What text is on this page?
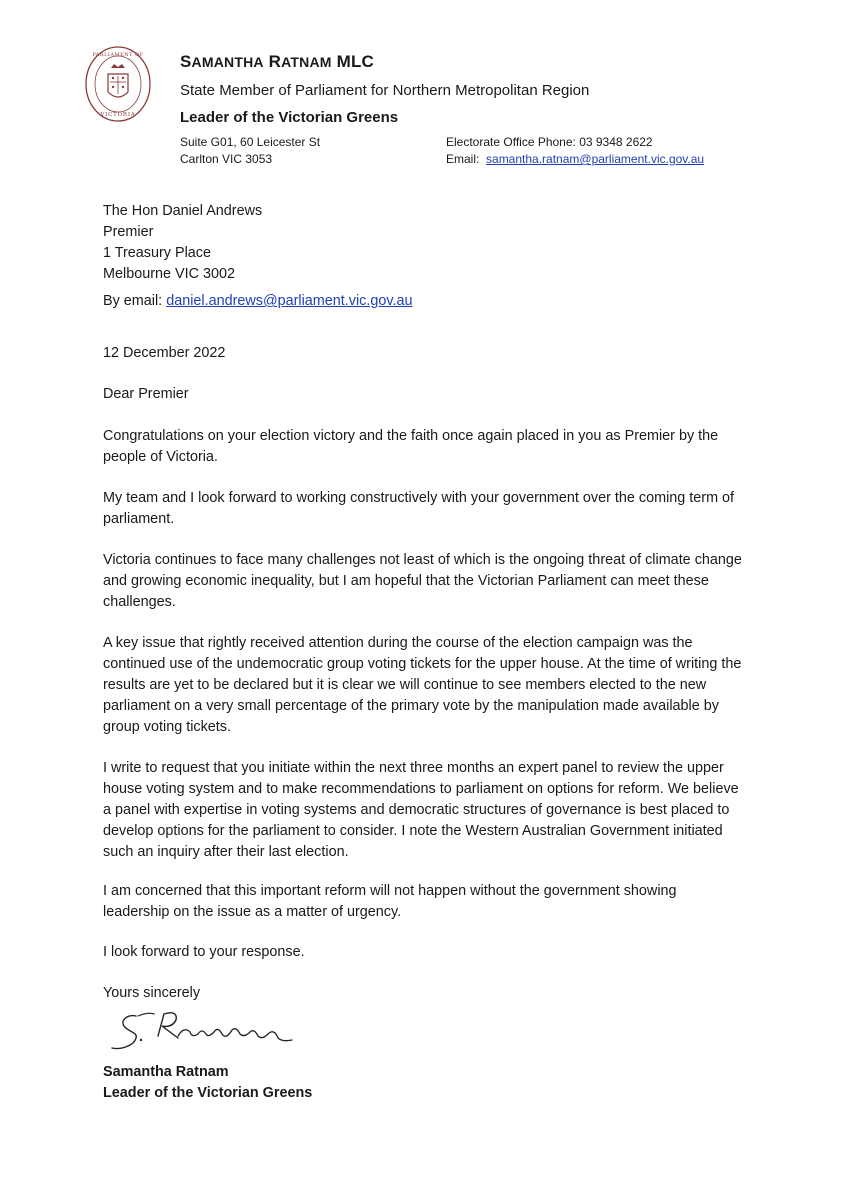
PARLIAMENT OF
VICTORIA
SAMANTHA RATNAM MLC
State Member of Parliament for Northern Metropolitan Region
Leader of the Victorian Greens
Suite G01, 60 Leicester St
Carlton VIC 3053
Electorate Office Phone: 03 9348 2622
Email: samantha.ratnam@parliament.vic.gov.au

The Hon Daniel Andrews

Premier

1 Treasury Place

Melbourne VIC 3002

By email: daniel.andrews@parliament.vic.gov.au
12 December 2022
Dear Premier
Congratulations on your election victory and the faith once again placed in you as Premier by the people of Victoria.
My team and I look forward to working constructively with your government over the coming term of parliament.
Victoria continues to face many challenges not least of which is the ongoing threat of climate change and growing economic inequality, but I am hopeful that the Victorian Parliament can meet these challenges.
A key issue that rightly received attention during the course of the election campaign was the continued use of the undemocratic group voting tickets for the upper house. At the time of writing the results are yet to be declared but it is clear we will continue to see members elected to the new parliament on a very small percentage of the primary vote by the manipulation made available by group voting tickets.
I write to request that you initiate within the next three months an expert panel to review the upper house voting system and to make recommendations to parliament on options for reform. We believe a panel with expertise in voting systems and democratic structures of governance is best placed to develop options for the parliament to consider. I note the Western Australian Government initiated such an inquiry after their last election.
I am concerned that this important reform will not happen without the government showing leadership on the issue as a matter of urgency.
I look forward to your response.
Yours sincerely
Samantha Ratnam
Leader of the Victorian Greens
